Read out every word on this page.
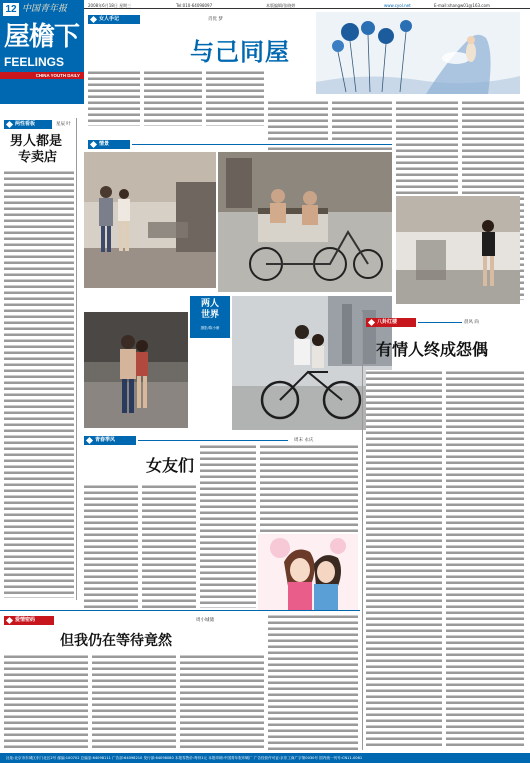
12 中国青年报
屋檐下
FEELINGS
CHINA YOUTH DAILY
2008年6月18日 星期三	Tel:010-64098097	本版编辑/张晓婷	www.cyol.net	E-mail:shangw01@163.com
女人手记	肖优 梦
与己同屋
两性看板	星辰 叶
男人都是
专卖店
情景
两人
世界
摄影/陈小雁
八卦红楼	晨风 尚
有情人终成怨偶
青春季风	周末 永庆
女友们
爱情密码	周小城储
但我仍在等待竟然
社址:北京市东城区东门北区2号 邮编:100702 总编室:64098111 广告部:64098210 发行部:64098080 本报零售价:每份1元 本报印刷:中国青年报印刷厂 广告经营许可证:京东工商广字第0030号 国内统一刊号:CN11-0061
